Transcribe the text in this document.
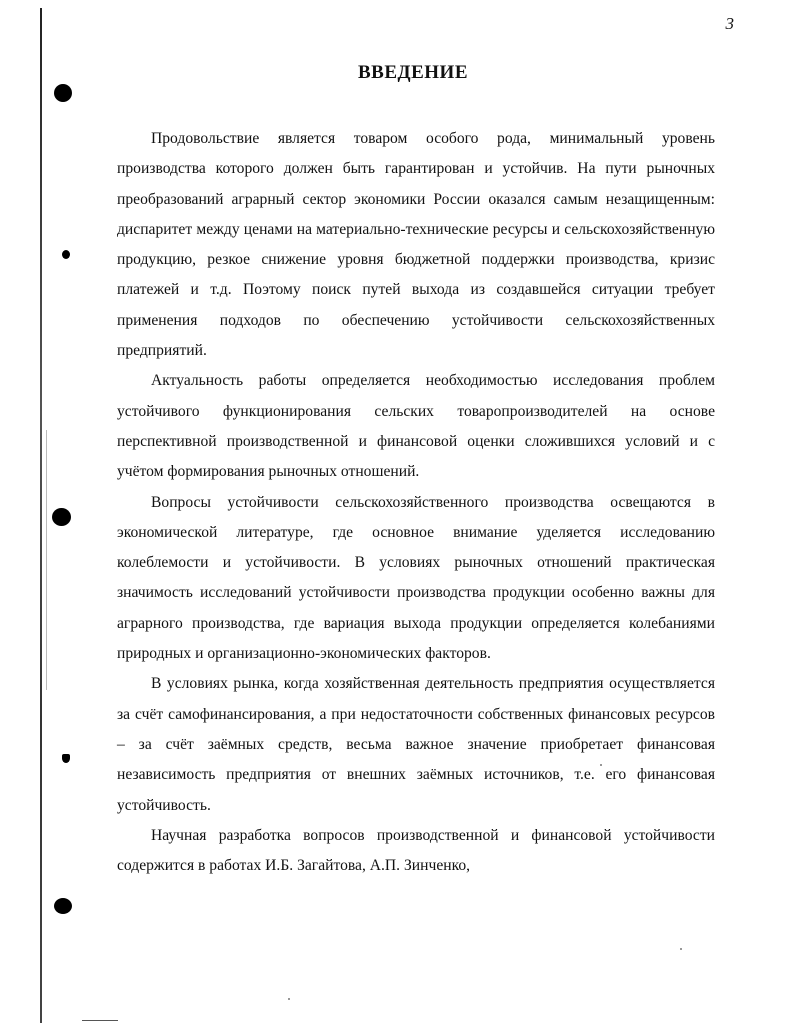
3
ВВЕДЕНИЕ

Продовольствие является товаром особого рода, минимальный уровень производства которого должен быть гарантирован и устойчив. На пути рыночных преобразований аграрный сектор экономики России оказался самым незащищенным: диспаритет между ценами на материально-технические ресурсы и сельскохозяйственную продукцию, резкое снижение уровня бюджетной поддержки производства, кризис платежей и т.д. Поэтому поиск путей выхода из создавшейся ситуации требует применения подходов по обеспечению устойчивости сельскохозяйственных предприятий.

Актуальность работы определяется необходимостью исследования проблем устойчивого функционирования сельских товаропроизводителей на основе перспективной производственной и финансовой оценки сложившихся условий и с учётом формирования рыночных отношений.

Вопросы устойчивости сельскохозяйственного производства освещаются в экономической литературе, где основное внимание уделяется исследованию колеблемости и устойчивости. В условиях рыночных отношений практическая значимость исследований устойчивости производства продукции особенно важны для аграрного производства, где вариация выхода продукции определяется колебаниями природных и организационно-экономических факторов.

В условиях рынка, когда хозяйственная деятельность предприятия осуществляется за счёт самофинансирования, а при недостаточности собственных финансовых ресурсов – за счёт заёмных средств, весьма важное значение приобретает финансовая независимость предприятия от внешних заёмных источников, т.е. его финансовая устойчивость.

Научная разработка вопросов производственной и финансовой устойчивости содержится в работах И.Б. Загайтова, А.П. Зинченко,
